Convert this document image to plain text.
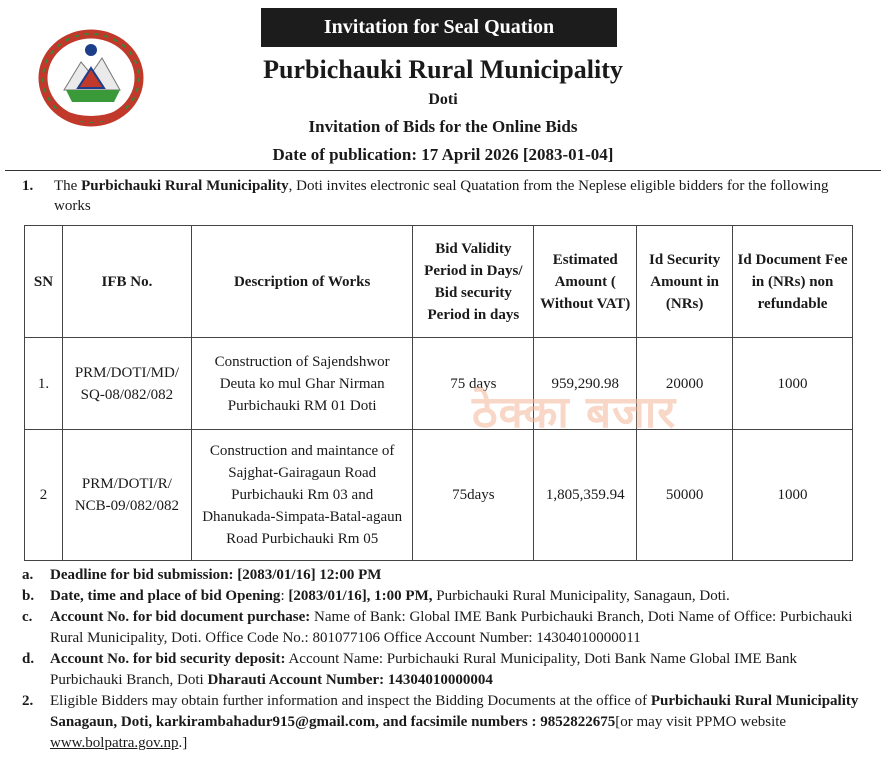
Invitation for Seal Quation
Purbichauki Rural Municipality
Doti
Invitation of Bids for the Online Bids
Date of publication: 17 April 2026 [2083-01-04]
1. The Purbichauki Rural Municipality, Doti invites electronic seal Quatation from the Neplese eligible bidders for the following works
SN	IFB No.	Description of Works	Bid Validity Period in Days/ Bid security Period in days	Estimated Amount ( Without VAT)	Id Security Amount in (NRs)	Id Document Fee in (NRs) non refundable
1.	PRM/DOTI/MD/ SQ-08/082/082	Construction of Sajendshwor Deuta ko mul Ghar Nirman Purbichauki RM 01 Doti	75 days	959,290.98	20000	1000
2	PRM/DOTI/R/ NCB-09/082/082	Construction and maintance of Sajghat-Gairagaun Road Purbichauki Rm 03 and Dhanukada-Simpata-Batal-agaun Road Purbichauki Rm 05	75days	1,805,359.94	50000	1000
ठेक्का बजार
a. Deadline for bid submission: [2083/01/16] 12:00 PM
b. Date, time and place of bid Opening: [2083/01/16], 1:00 PM, Purbichauki Rural Municipality, Sanagaun, Doti.
c. Account No. for bid document purchase: Name of Bank: Global IME Bank Purbichauki Branch, Doti Name of Office: Purbichauki Rural Municipality, Doti. Office Code No.: 801077106 Office Account Number: 14304010000011
d. Account No. for bid security deposit: Account Name: Purbichauki Rural Municipality, Doti Bank Name Global IME Bank Purbichauki Branch, Doti Dharauti Account Number: 14304010000004
2. Eligible Bidders may obtain further information and inspect the Bidding Documents at the office of Purbichauki Rural Municipality Sanagaun, Doti, karkirambahadur915@gmail.com, and facsimile numbers : 9852822675[or may visit PPMO website www.bolpatra.gov.np.]
